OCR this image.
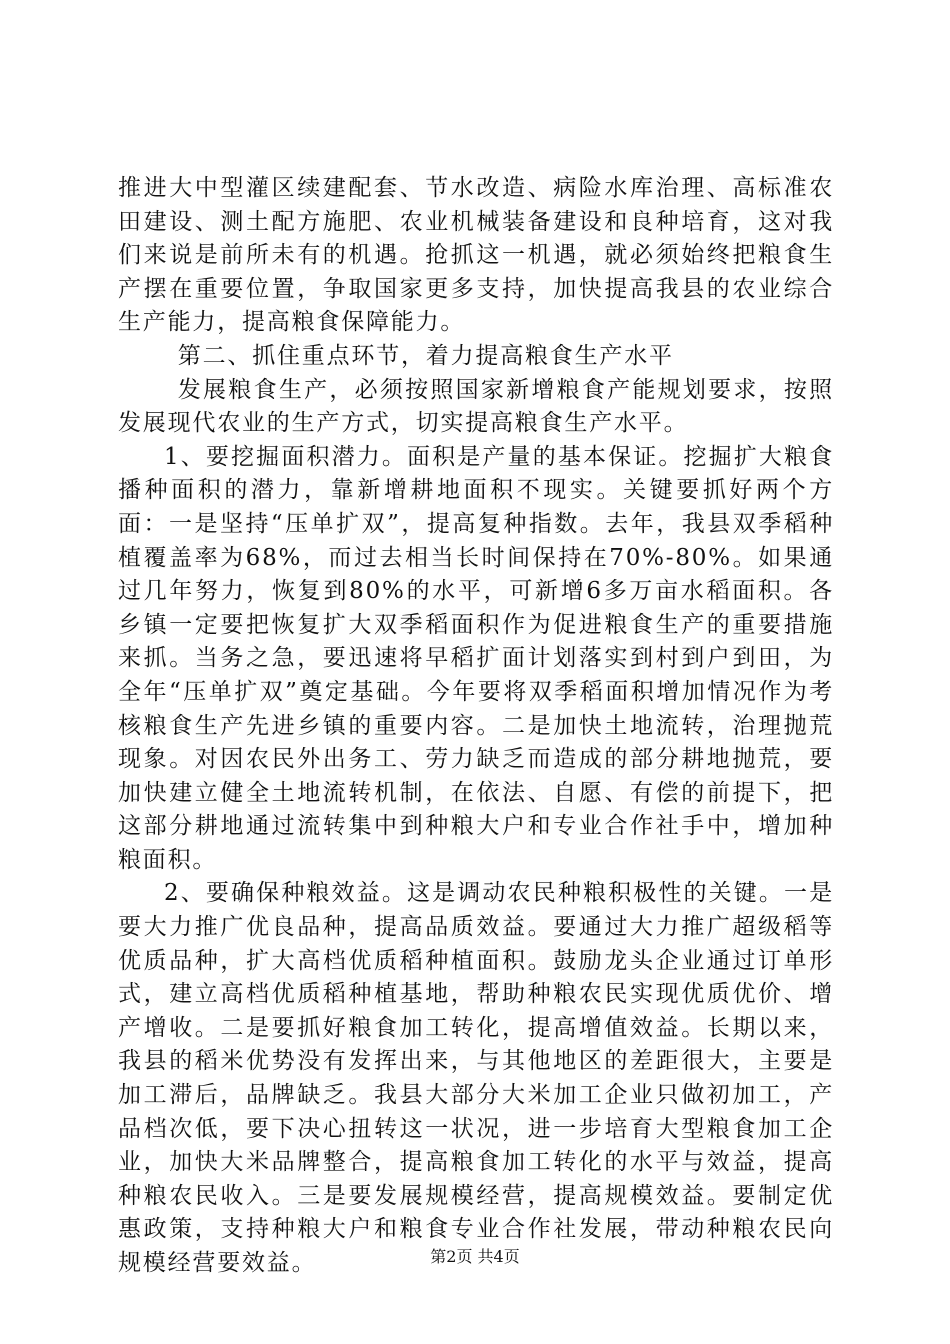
推进大中型灌区续建配套、节水改造、病险水库治理、高标准农田建设、测土配方施肥、农业机械装备建设和良种培育，这对我们来说是前所未有的机遇。抢抓这一机遇，就必须始终把粮食生产摆在重要位置，争取国家更多支持，加快提高我县的农业综合生产能力，提高粮食保障能力。

第二、抓住重点环节，着力提高粮食生产水平

发展粮食生产，必须按照国家新增粮食产能规划要求，按照发展现代农业的生产方式，切实提高粮食生产水平。

1、要挖掘面积潜力。面积是产量的基本保证。挖掘扩大粮食播种面积的潜力，靠新增耕地面积不现实。关键要抓好两个方面：一是坚持“压单扩双”，提高复种指数。去年，我县双季稻种植覆盖率为68%，而过去相当长时间保持在70%-80%。如果通过几年努力，恢复到80%的水平，可新增6多万亩水稻面积。各乡镇一定要把恢复扩大双季稻面积作为促进粮食生产的重要措施来抓。当务之急，要迅速将早稻扩面计划落实到村到户到田，为全年“压单扩双”奠定基础。今年要将双季稻面积增加情况作为考核粮食生产先进乡镇的重要内容。二是加快土地流转，治理抛荒现象。对因农民外出务工、劳力缺乏而造成的部分耕地抛荒，要加快建立健全土地流转机制，在依法、自愿、有偿的前提下，把这部分耕地通过流转集中到种粮大户和专业合作社手中，增加种粮面积。

2、要确保种粮效益。这是调动农民种粮积极性的关键。一是要大力推广优良品种，提高品质效益。要通过大力推广超级稻等优质品种，扩大高档优质稻种植面积。鼓励龙头企业通过订单形式，建立高档优质稻种植基地，帮助种粮农民实现优质优价、增产增收。二是要抓好粮食加工转化，提高增值效益。长期以来，我县的稻米优势没有发挥出来，与其他地区的差距很大，主要是加工滞后，品牌缺乏。我县大部分大米加工企业只做初加工，产品档次低，要下决心扭转这一状况，进一步培育大型粮食加工企业，加快大米品牌整合，提高粮食加工转化的水平与效益，提高种粮农民收入。三是要发展规模经营，提高规模效益。要制定优惠政策，支持种粮大户和粮食专业合作社发展，带动种粮农民向规模经营要效益。	第2页 共4页
